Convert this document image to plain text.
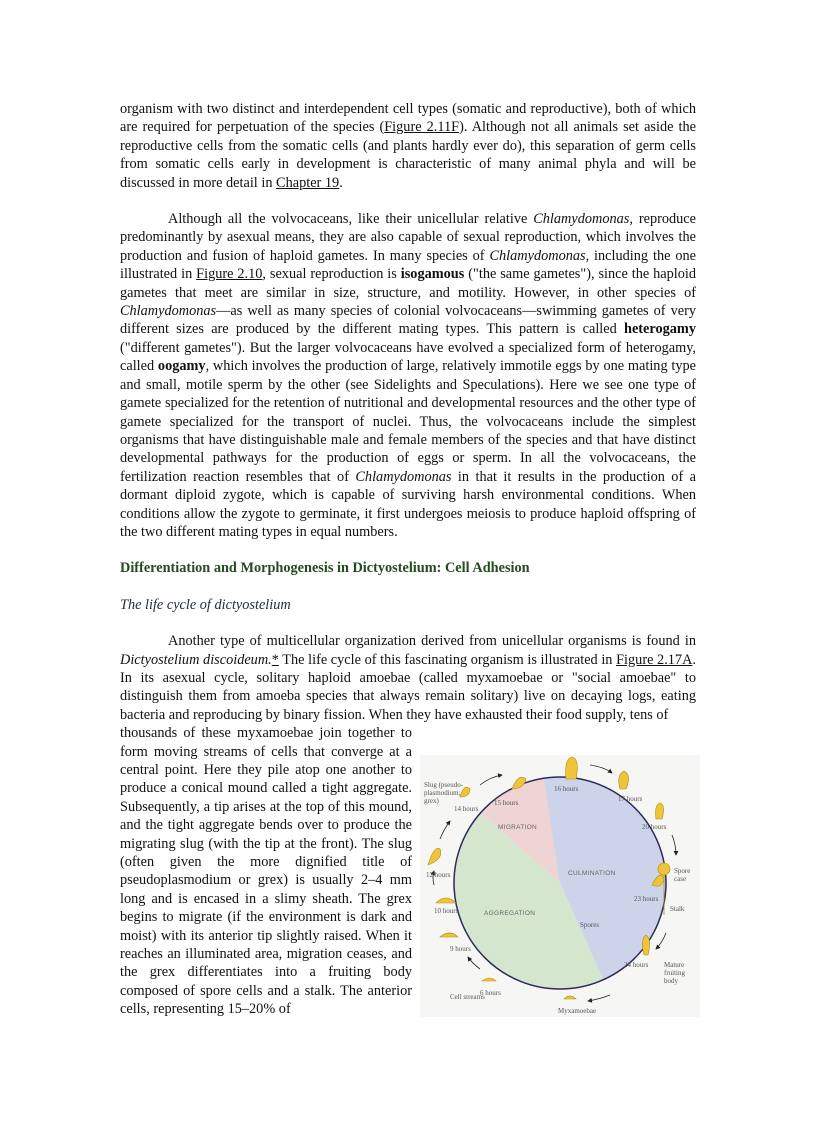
organism with two distinct and interdependent cell types (somatic and reproductive), both of which are required for perpetuation of the species (Figure 2.11F). Although not all animals set aside the reproductive cells from the somatic cells (and plants hardly ever do), this separation of germ cells from somatic cells early in development is characteristic of many animal phyla and will be discussed in more detail in Chapter 19.

Although all the volvocaceans, like their unicellular relative Chlamydomonas, reproduce predominantly by asexual means, they are also capable of sexual reproduction, which involves the production and fusion of haploid gametes. In many species of Chlamydomonas, including the one illustrated in Figure 2.10, sexual reproduction is isogamous ("the same gametes"), since the haploid gametes that meet are similar in size, structure, and motility. However, in other species of Chlamydomonas—as well as many species of colonial volvocaceans—swimming gametes of very different sizes are produced by the different mating types. This pattern is called heterogamy ("different gametes"). But the larger volvocaceans have evolved a specialized form of heterogamy, called oogamy, which involves the production of large, relatively immotile eggs by one mating type and small, motile sperm by the other (see Sidelights and Speculations). Here we see one type of gamete specialized for the retention of nutritional and developmental resources and the other type of gamete specialized for the transport of nuclei. Thus, the volvocaceans include the simplest organisms that have distinguishable male and female members of the species and that have distinct developmental pathways for the production of eggs or sperm. In all the volvocaceans, the fertilization reaction resembles that of Chlamydomonas in that it results in the production of a dormant diploid zygote, which is capable of surviving harsh environmental conditions. When conditions allow the zygote to germinate, it first undergoes meiosis to produce haploid offspring of the two different mating types in equal numbers.

Differentiation and Morphogenesis in Dictyostelium: Cell Adhesion

The life cycle of dictyostelium

Another type of multicellular organization derived from unicellular organisms is found in Dictyostelium discoideum.* The life cycle of this fascinating organism is illustrated in Figure 2.17A. In its asexual cycle, solitary haploid amoebae (called myxamoebae or "social amoebae" to distinguish them from amoeba species that always remain solitary) live on decaying logs, eating bacteria and reproducing by binary fission. When they have exhausted their food supply, tens of

thousands of these myxamoebae join together to form moving streams of cells that converge at a central point. Here they pile atop one another to produce a conical mound called a tight aggregate. Subsequently, a tip arises at the top of this mound, and the tight aggregate bends over to produce the migrating slug (with the tip at the front). The slug (often given the more dignified title of pseudoplasmodium or grex) is usually 2–4 mm long and is encased in a slimy sheath. The grex begins to migrate (if the environment is dark and moist) with its anterior tip slightly raised. When it reaches an illuminated area, migration ceases, and the grex differentiates into a fruiting body composed of spore cells and a stalk. The anterior cells, representing 15–20% of

MIGRATION
CULMINATION
AGGREGATION
Slug (pseudo-
plasmodium;
grex)	15 hours
16 hours
17 hours
14 hours
20 hours
12 hours
10 hours
23 hours
9 hours
24 hours
6 hours
Spore
case
Stalk
Spores
Mature
fruiting
body
Cell streams
Myxamoebae
